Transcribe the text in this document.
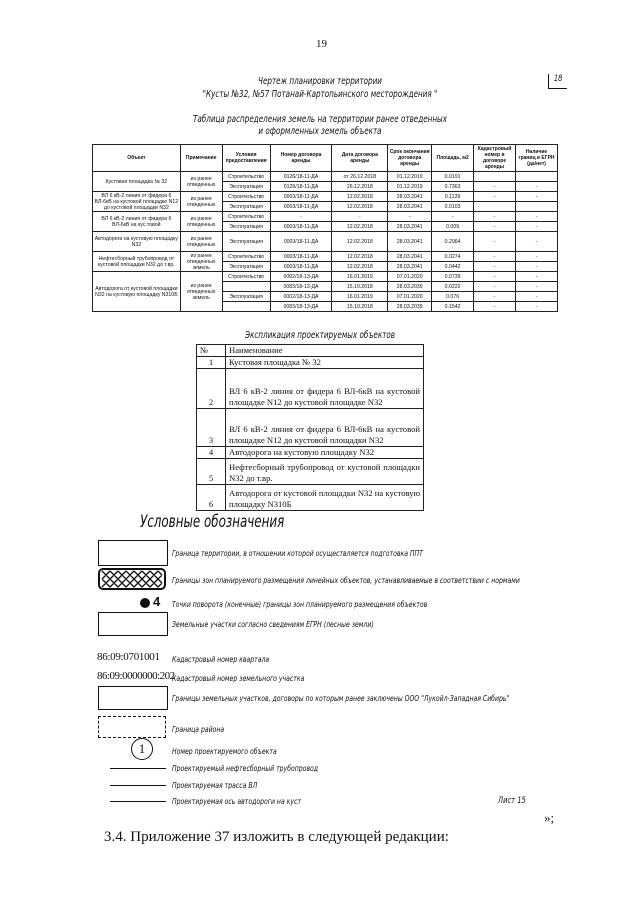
19
Чертеж планировки территории
"Кусты №32, №57 Потанай-Картопьинского месторождения "
18
Таблица распределения земель на территории ранее отведенных
и оформленных земель объекта
Объект	Примечание	Условия предоставления	Номер договора аренды	Дата договора аренды	Срок окончания договора аренды	Площадь, м2	Кадастровый номер в договоре аренды	Наличие границ в ЕГРН (да/нет)
Кустовая площадка № 32	из ранее отведенных	Строительство	0126/18-11-ДА	от 26.12.2018	01.12.2019	0.0191		
		Эксплуатация	0126/18-11-ДА	26.12.2018	01.12.2019	0.7363	-	-
ВЛ 6 кВ-2 линия от фидера 6 ВЛ-6кВ на кустовой площадке N12 до кустовой площадки N32	из ранее отведенных	Строительство	0003/18-11-ДА	12.02.2018	28.03.2041	0.1139	-	-
		Эксплуатация	0003/18-11-ДА	12.02.2018	28.03.2041	0.0103		
ВЛ 6 кВ-2 линия от фидера 6 ВЛ-6кВ на кус.товой	из ранее отведенных	Строительство	-	-	-	-	-	-
		Эксплуатация	0003/18-11-ДА	12.02.2018	28.03.2041	0.009	-	-
Автодорога на кустовую площадку N32	из ранее отведенных	Эксплуатация	0003/18-11-ДА	12.02.2018	28.03.2041	0.2964	-	-
Нефтесборный трубопровод от кустовой площадки N32 до т.вр.	из ранее отведенных земель	Строительство	0003/18-11-ДА	12.02.2018	28.03.2041	0.0274	-	-
		Эксплуатация	0003/18-11-ДА	12.02.2018	28.03.2041	0.0442	-	-
Автодорога от кустовой площадки N32 на кустовую площадку N310Б	из ранее отведенных земель	Строительство	0002/18-13-ДА	16.01.2019	07.01.2020	0.0739	-	-
			0083/18-13-ДА	15.10.2018	28.03.2039	0.0222	-	-
		Эксплуатация	0002/18-13-ДА	16.01.2019	07.01.2020	0.076	-	-
			0083/18-13-ДА	15.10.2018	28.03.2039	0.1542	-	-
Экспликация проектируемых объектов
№	Наименование
1	Кустовая площадка № 32
2	ВЛ 6 кВ-2 линия от фидера 6 ВЛ-6кВ на кустовой площадке N12 до кустовой площадке N32
3	ВЛ 6 кВ-2 линия от фидера 6 ВЛ-6кВ на кустовой площадке N12 до кустовой площадки N32
4	Автодорога на кустовую площадку N32
5	Нефтесборный трубопровод от кустовой площадки N32 до т.вр.
6	Автодорога от кустовой площадки N32 на кустовую площадку N310Б
Условные обозначения
Граница территории, в отношении которой осуществляется подготовка ППТ
Границы зон планируемого размещения линейных объектов, устанавливаемые в соответствии с нормами
4 Точки поворота (конечные) границы зон планируемого размещения объектов
Земельные участки согласно сведениям ЕГРН (лесные земли)
86:09:0701001 Кадастровый номер квартала
86:09:0000000:202
Кадастровый номер земельного участка
Границы земельных участков, договоры по которым ранее заключены ООО "Лукойл-Западная Сибирь"
Граница района
1	Номер проектируемого объекта
Проектируемый нефтесборный трубопровод
Проектируемая трасса ВЛ
Проектируемая ось автодороги на куст	Лист 15
»;
3.4. Приложение 37 изложить в следующей редакции:
